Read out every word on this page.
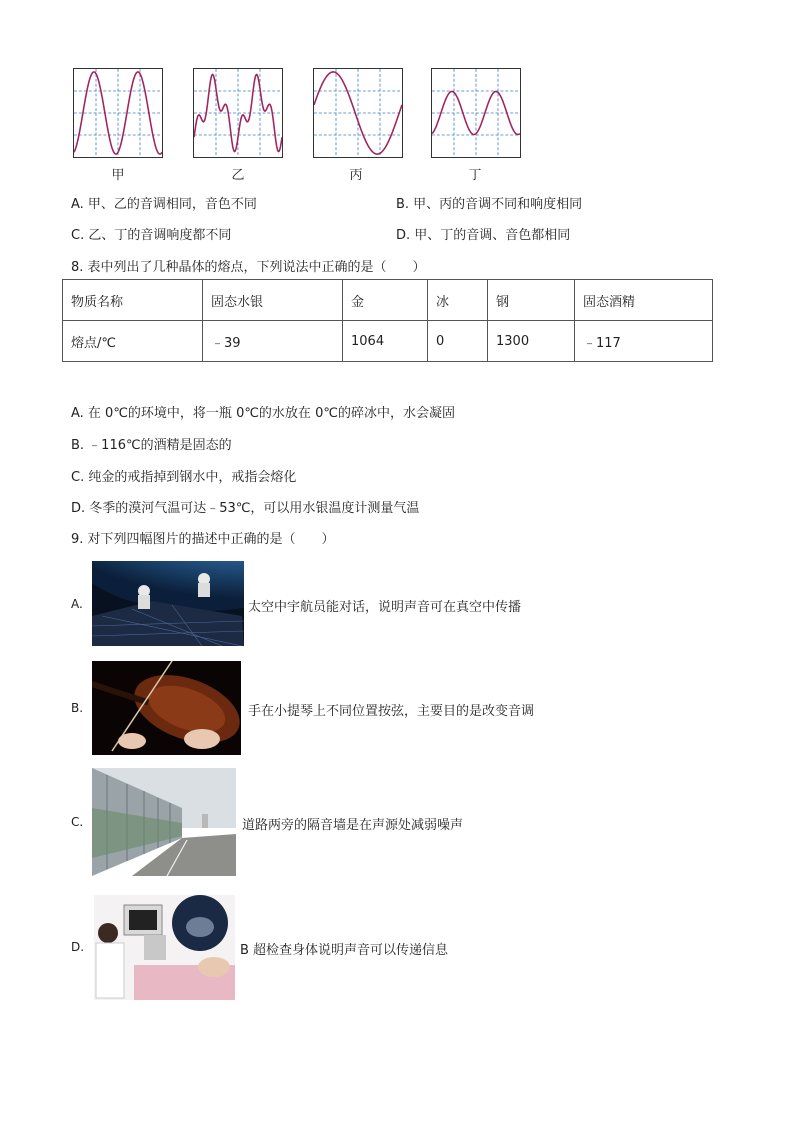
甲	乙	丙	丁
A. 甲、乙的音调相同，音色不同	B. 甲、丙的音调不同和响度相同
C. 乙、丁的音调响度都不同	D. 甲、丁的音调、音色都相同
8. 表中列出了几种晶体的熔点，下列说法中正确的是（　　）
物质名称	固态水银	金	冰	钢	固态酒精
熔点/℃	﹣39	1064	0	1300	﹣117
A. 在 0℃的环境中，将一瓶 0℃的水放在 0℃的碎冰中，水会凝固
B. ﹣116℃的酒精是固态的
C. 纯金的戒指掉到钢水中，戒指会熔化
D. 冬季的漠河气温可达﹣53℃，可以用水银温度计测量气温
9. 对下列四幅图片的描述中正确的是（　　）
A.	太空中宇航员能对话，说明声音可在真空中传播
B.	手在小提琴上不同位置按弦，主要目的是改变音调
C.	道路两旁的隔音墙是在声源处减弱噪声
D.	B 超检查身体说明声音可以传递信息
